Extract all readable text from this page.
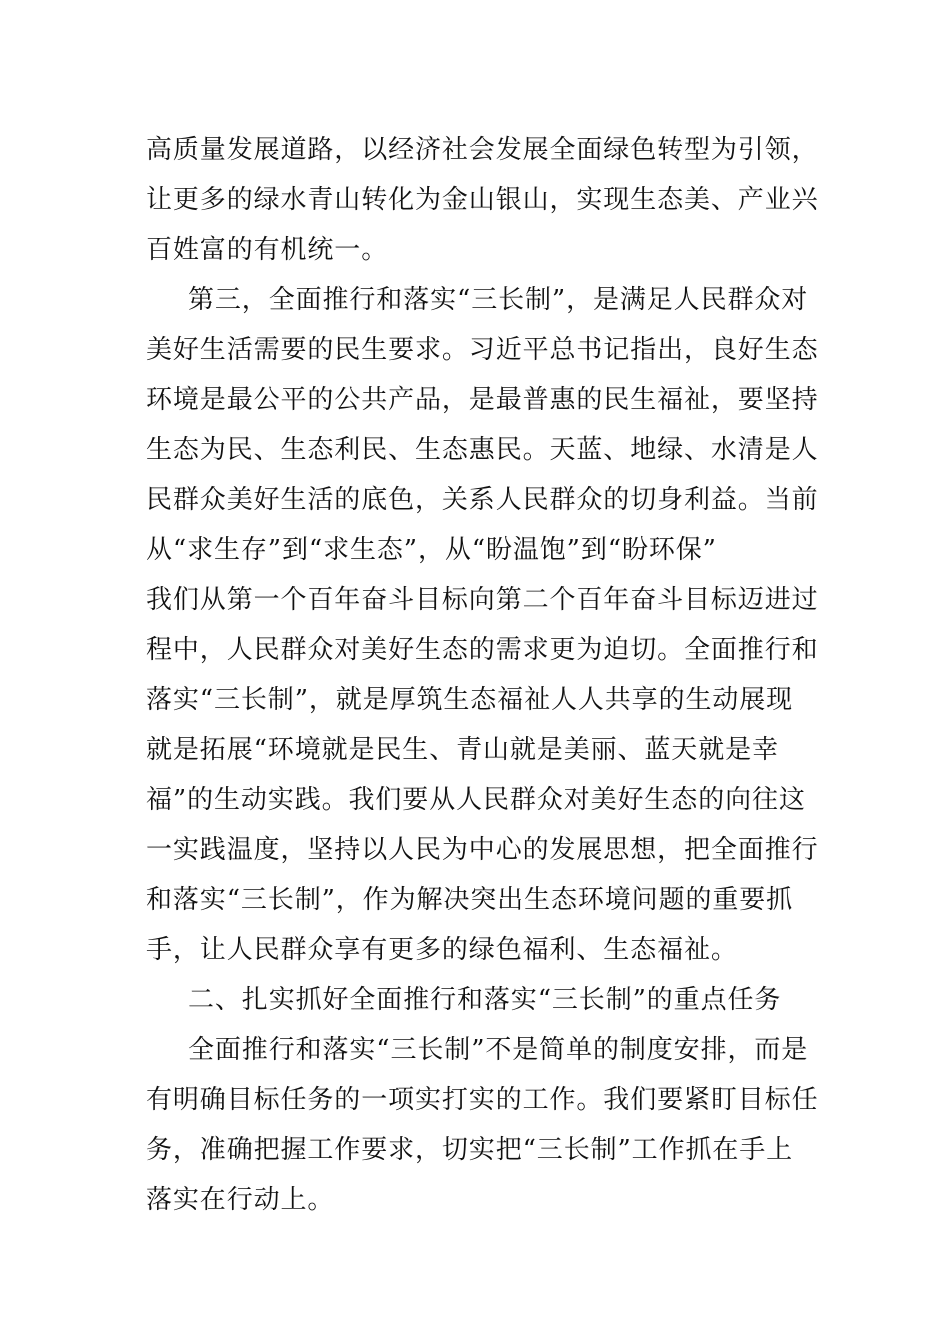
高质量发展道路，以经济社会发展全面绿色转型为引领，
让更多的绿水青山转化为金山银山，实现生态美、产业兴
百姓富的有机统一。
第三，全面推行和落实“三长制”，是满足人民群众对
美好生活需要的民生要求。习近平总书记指出，良好生态
环境是最公平的公共产品，是最普惠的民生福祉，要坚持
生态为民、生态利民、生态惠民。天蓝、地绿、水清是人
民群众美好生活的底色，关系人民群众的切身利益。当前
从“求生存”到“求生态”，从“盼温饱”到“盼环保”
我们从第一个百年奋斗目标向第二个百年奋斗目标迈进过
程中，人民群众对美好生态的需求更为迫切。全面推行和
落实“三长制”，就是厚筑生态福祉人人共享的生动展现
就是拓展“环境就是民生、青山就是美丽、蓝天就是幸
福”的生动实践。我们要从人民群众对美好生态的向往这
一实践温度，坚持以人民为中心的发展思想，把全面推行
和落实“三长制”，作为解决突出生态环境问题的重要抓
手，让人民群众享有更多的绿色福利、生态福祉。
二、扎实抓好全面推行和落实“三长制”的重点任务
全面推行和落实“三长制”不是简单的制度安排，而是
有明确目标任务的一项实打实的工作。我们要紧盯目标任
务，准确把握工作要求，切实把“三长制”工作抓在手上
落实在行动上。
